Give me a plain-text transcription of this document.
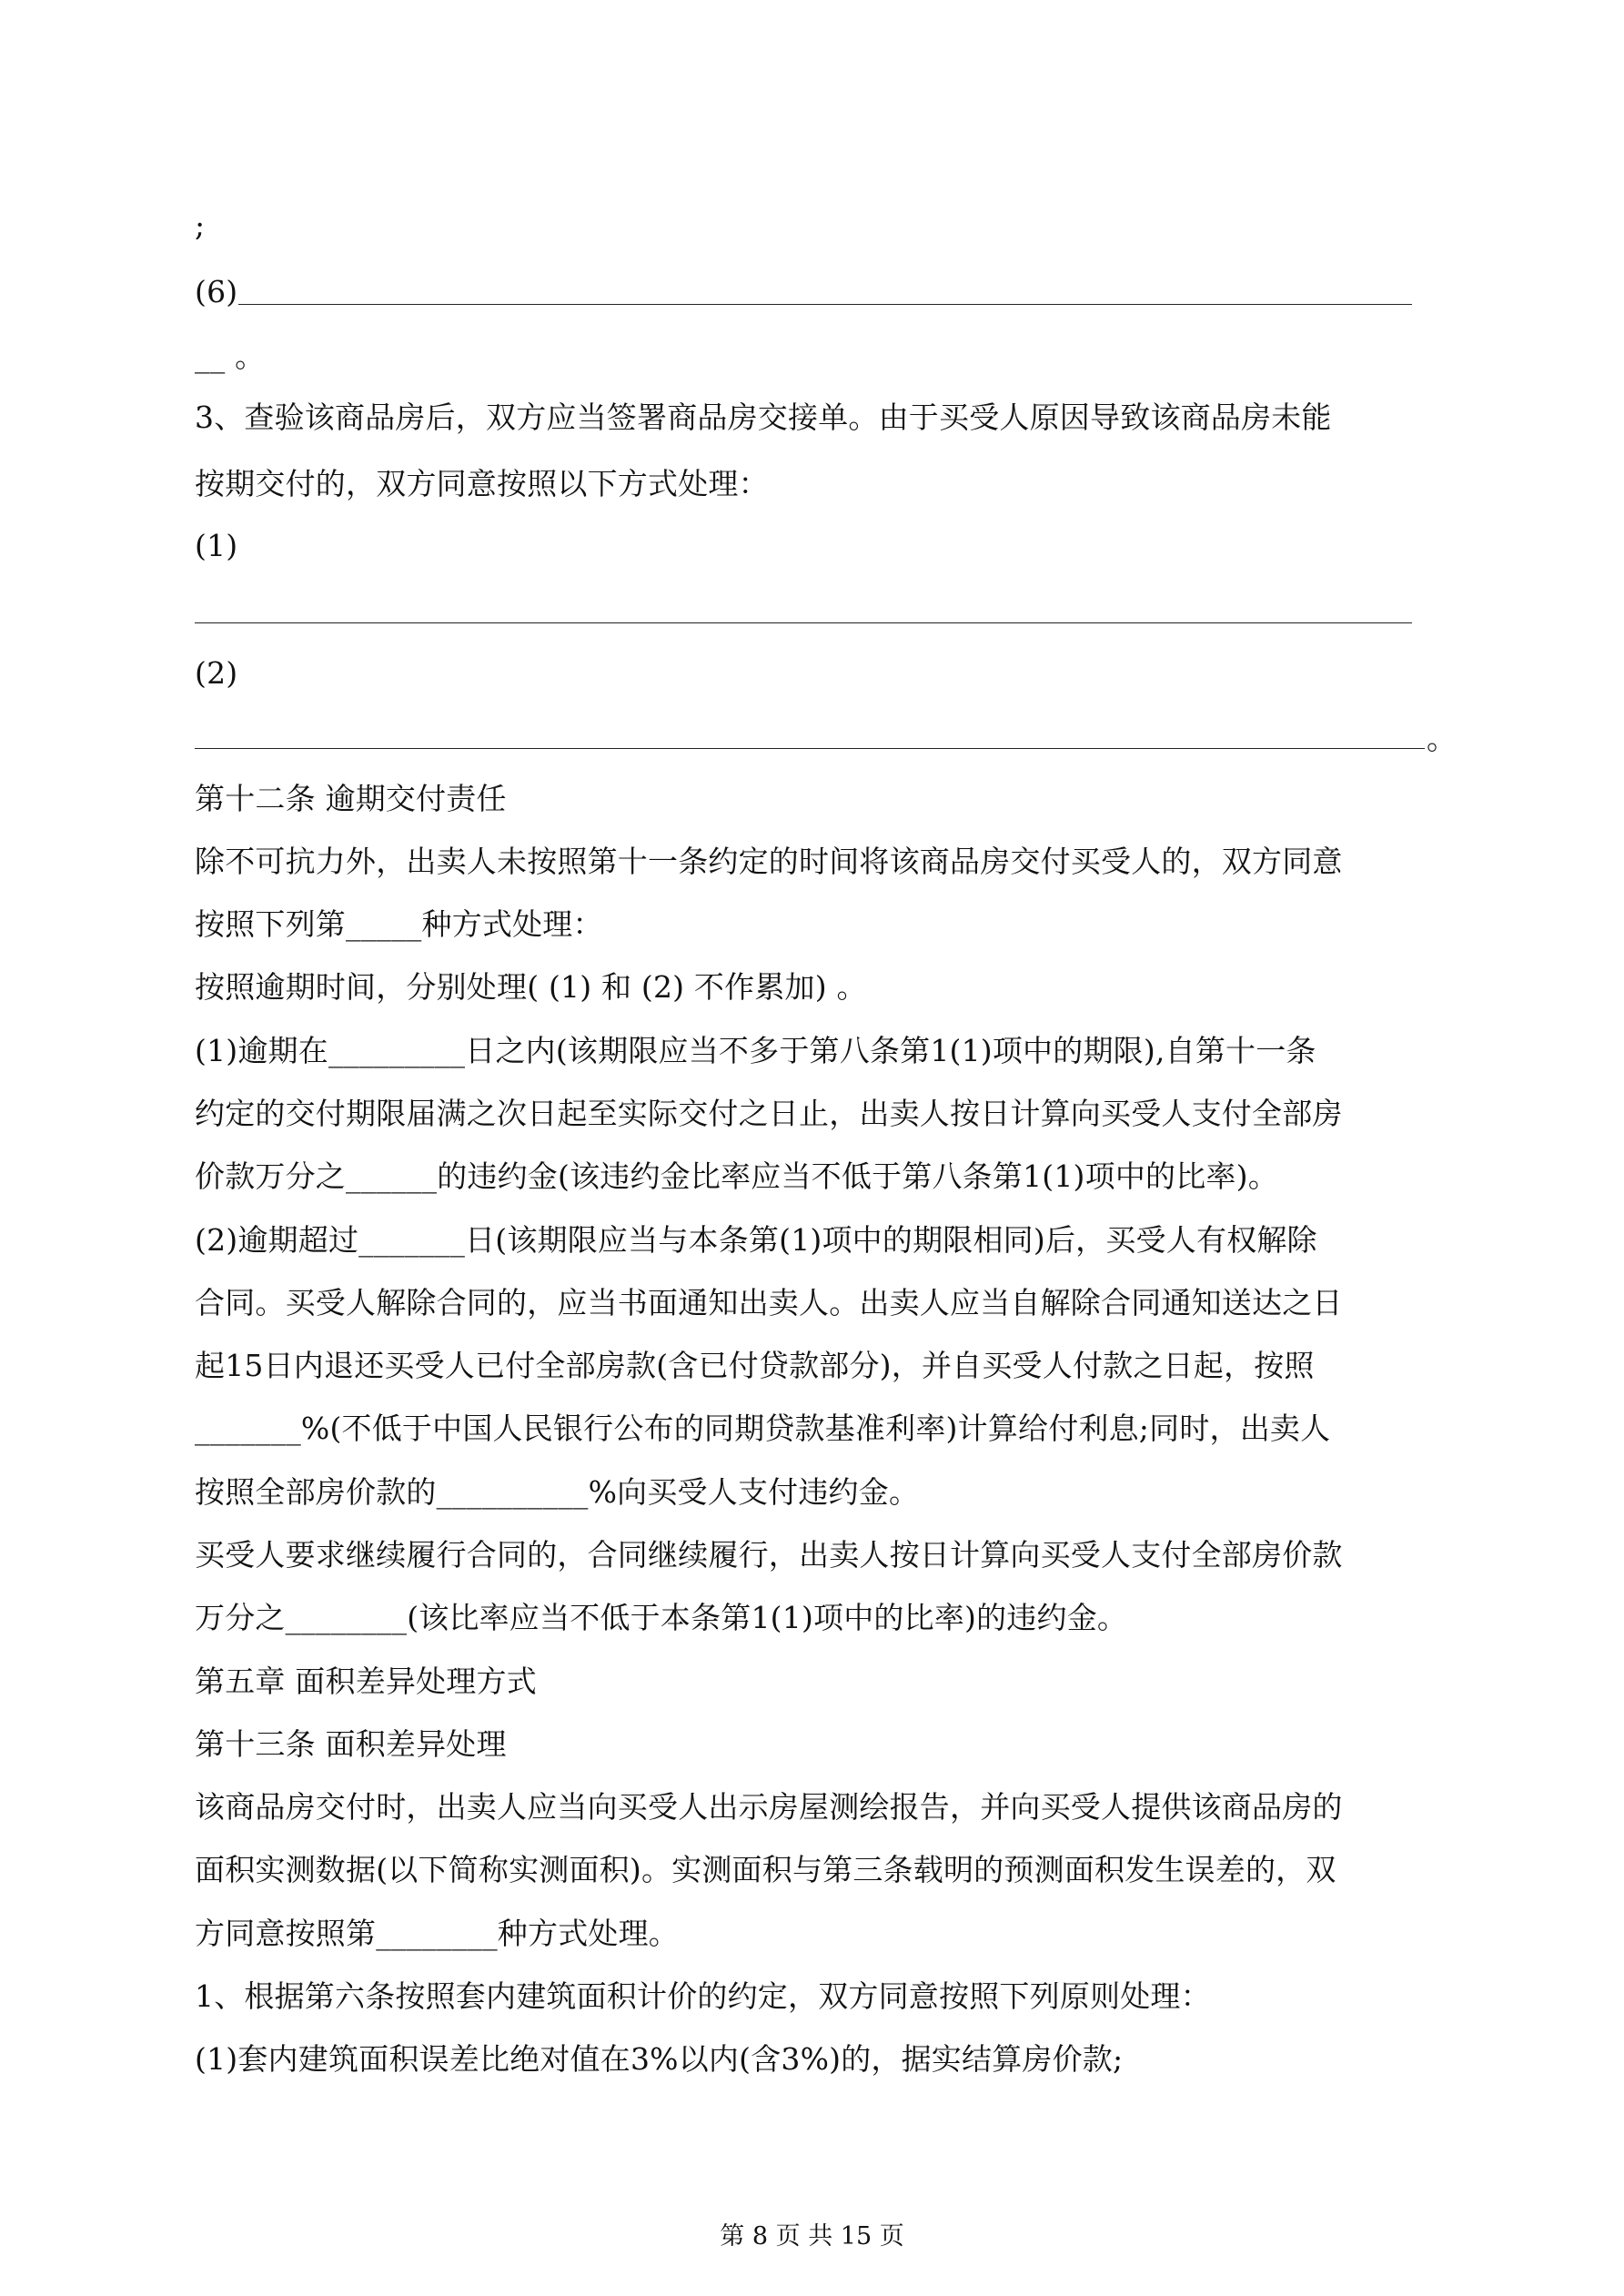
;
(6)
__ 。
3、查验该商品房后，双方应当签署商品房交接单。由于买受人原因导致该商品房未能
按期交付的，双方同意按照以下方式处理：
(1)
(2)
。
第十二条 逾期交付责任
除不可抗力外，出卖人未按照第十一条约定的时间将该商品房交付买受人的，双方同意
按照下列第_____种方式处理：
按照逾期时间，分别处理( (1) 和 (2) 不作累加) 。
(1)逾期在_________日之内(该期限应当不多于第八条第1(1)项中的期限),自第十一条
约定的交付期限届满之次日起至实际交付之日止，出卖人按日计算向买受人支付全部房
价款万分之______的违约金(该违约金比率应当不低于第八条第1(1)项中的比率)。
(2)逾期超过_______日(该期限应当与本条第(1)项中的期限相同)后，买受人有权解除
合同。买受人解除合同的，应当书面通知出卖人。出卖人应当自解除合同通知送达之日
起15日内退还买受人已付全部房款(含已付贷款部分)，并自买受人付款之日起，按照
_______%(不低于中国人民银行公布的同期贷款基准利率)计算给付利息;同时，出卖人
按照全部房价款的__________%向买受人支付违约金。
买受人要求继续履行合同的，合同继续履行，出卖人按日计算向买受人支付全部房价款
万分之________(该比率应当不低于本条第1(1)项中的比率)的违约金。
第五章 面积差异处理方式
第十三条 面积差异处理
该商品房交付时，出卖人应当向买受人出示房屋测绘报告，并向买受人提供该商品房的
面积实测数据(以下简称实测面积)。实测面积与第三条载明的预测面积发生误差的，双
方同意按照第________种方式处理。
1、根据第六条按照套内建筑面积计价的约定，双方同意按照下列原则处理：
(1)套内建筑面积误差比绝对值在3%以内(含3%)的，据实结算房价款;
第 8 页 共 15 页
